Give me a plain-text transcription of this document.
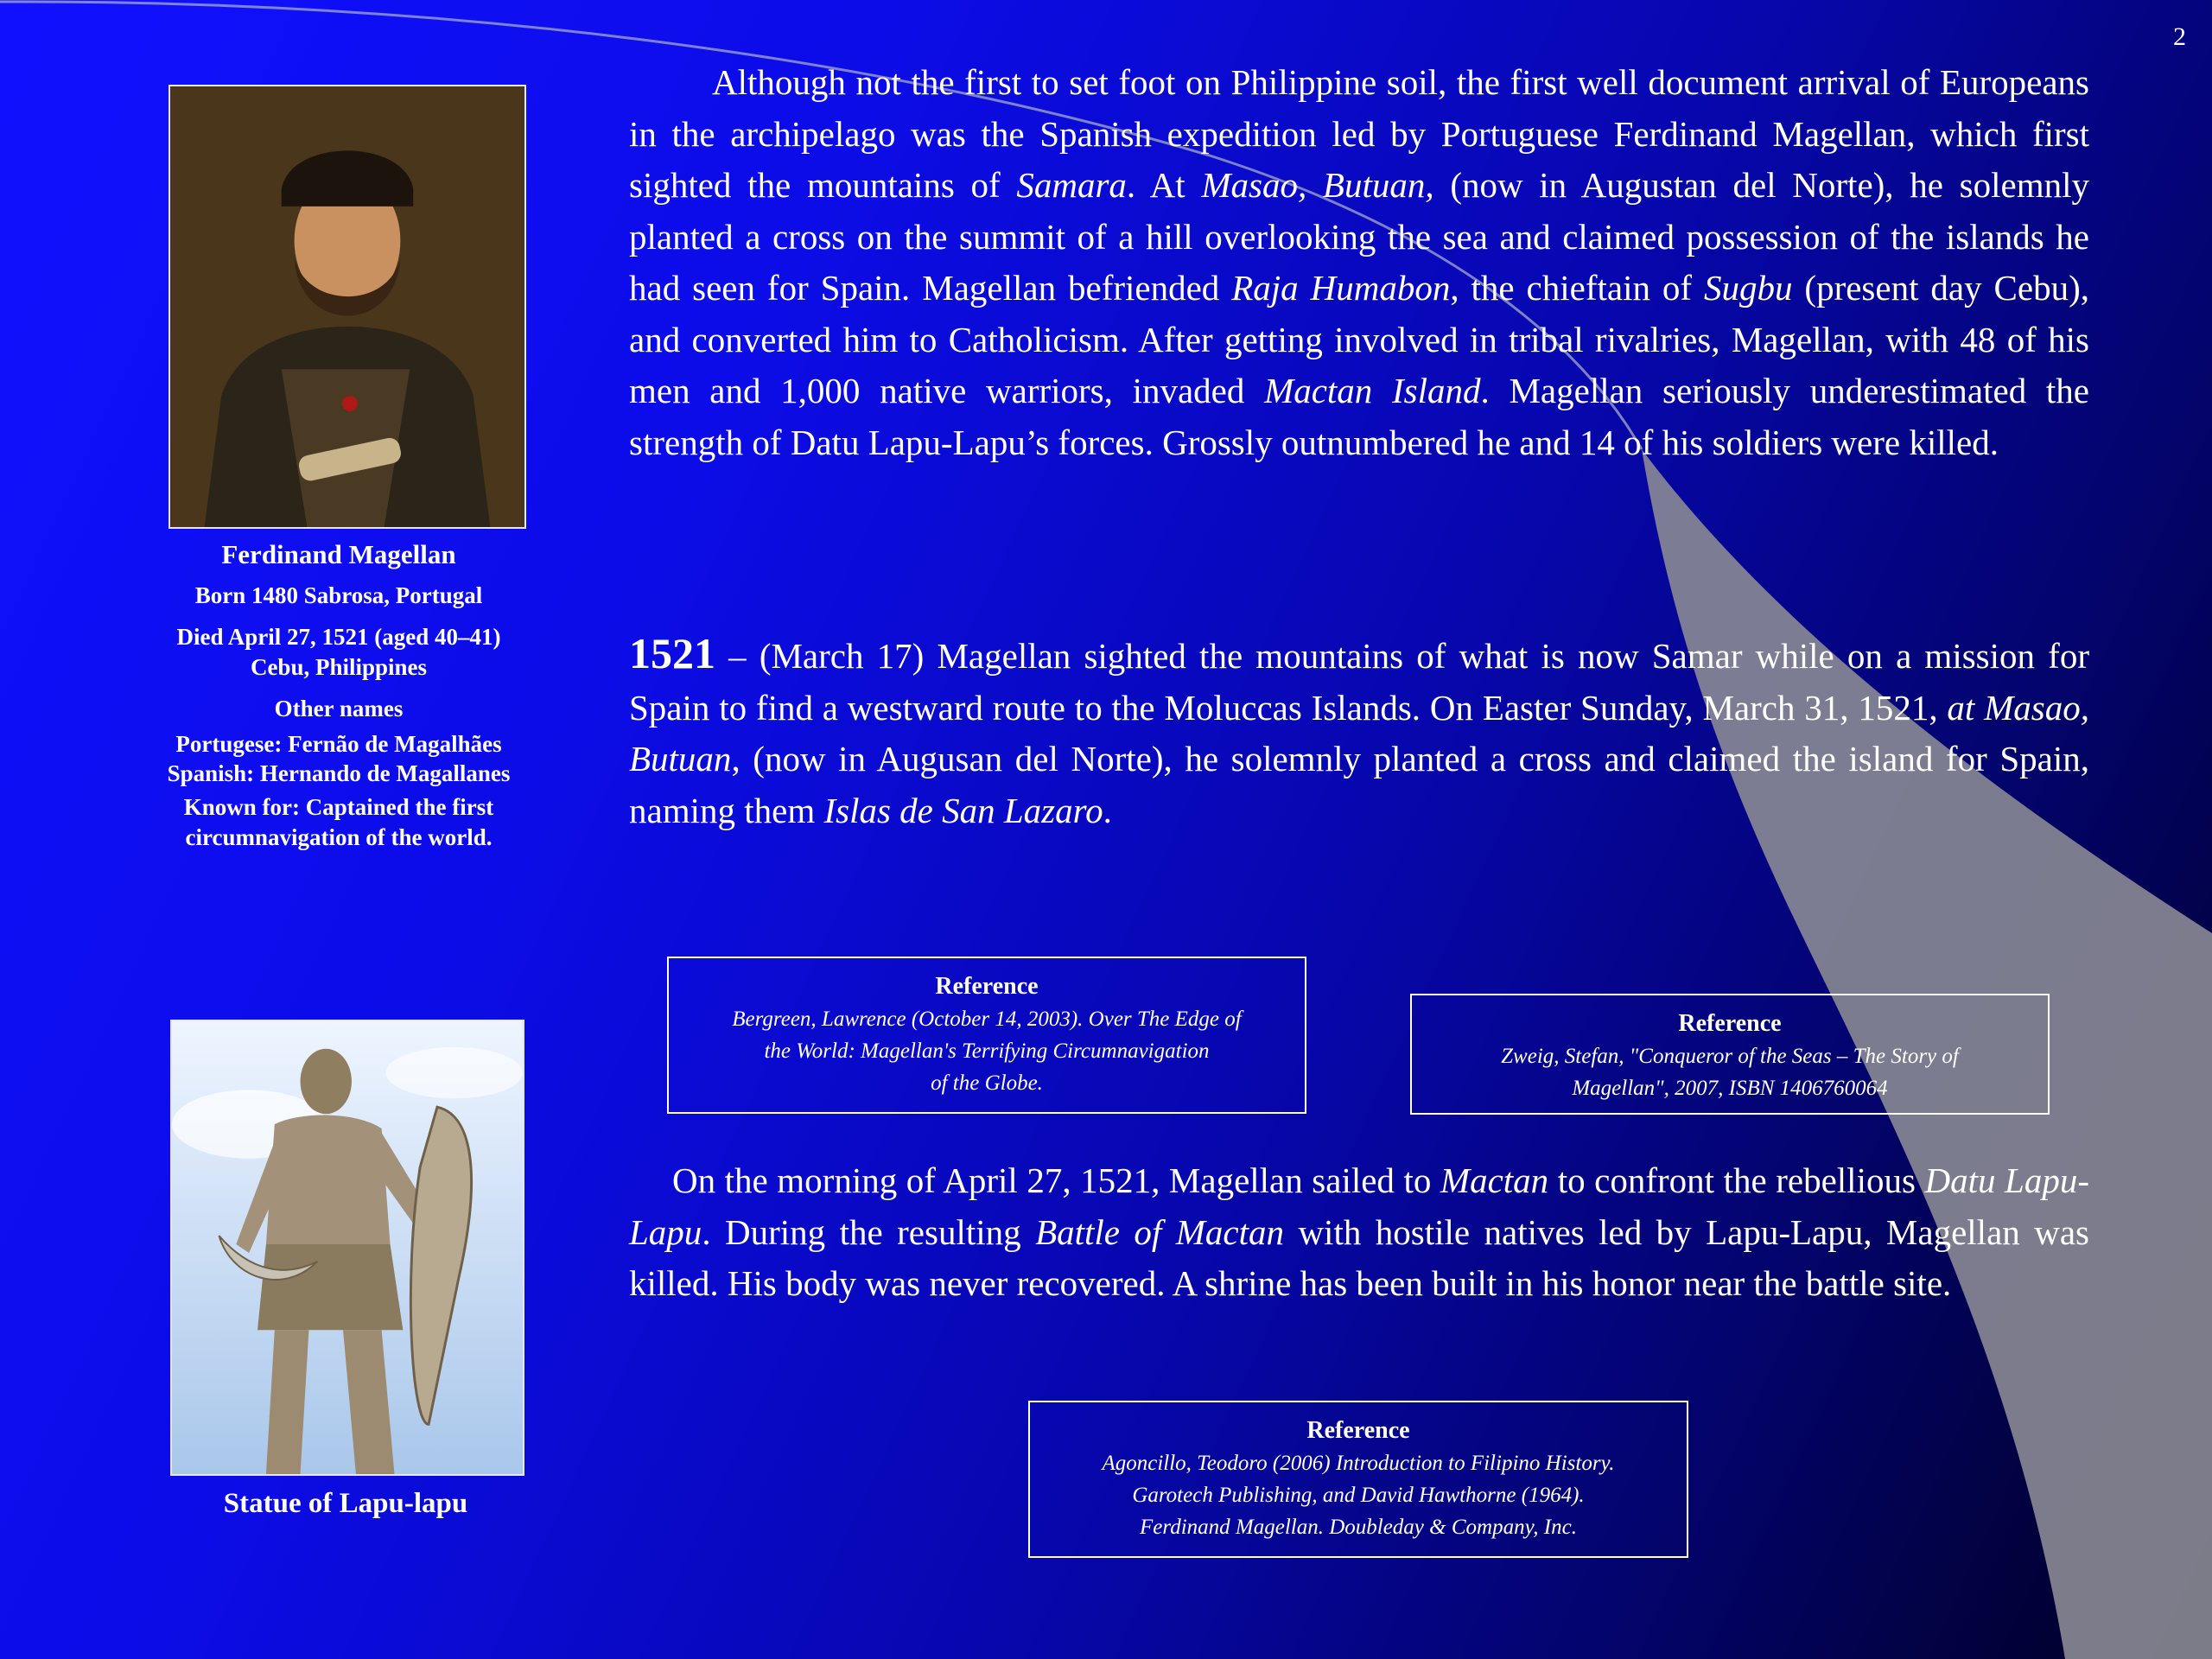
2
Ferdinand Magellan
Born 1480 Sabrosa, Portugal
Died April 27, 1521 (aged 40–41)
Cebu, Philippines
Other names
Portugese: Fernão de Magalhães
Spanish: Hernando de Magallanes
Known for: Captained the first
circumnavigation of the world.
Statue of Lapu-lapu
Although not the first to set foot on Philippine soil, the first well document arrival of Europeans in the archipelago was the Spanish expedition led by Portuguese Ferdinand Magellan, which first sighted the mountains of Samara. At Masao, Butuan, (now in Augustan del Norte), he solemnly planted a cross on the summit of a hill overlooking the sea and claimed possession of the islands he had seen for Spain. Magellan befriended Raja Humabon, the chieftain of Sugbu (present day Cebu), and converted him to Catholicism. After getting involved in tribal rivalries, Magellan, with 48 of his men and 1,000 native warriors, invaded Mactan Island. Magellan seriously underestimated the strength of Datu Lapu-Lapu’s forces. Grossly outnumbered he and 14 of his soldiers were killed.
1521 – (March 17) Magellan sighted the mountains of what is now Samar while on a mission for Spain to find a westward route to the Moluccas Islands. On Easter Sunday, March 31, 1521, at Masao, Butuan, (now in Augusan del Norte), he solemnly planted a cross and claimed the island for Spain, naming them Islas de San Lazaro.
Reference
Bergreen, Lawrence (October 14, 2003). Over The Edge of
the World: Magellan's Terrifying Circumnavigation
of the Globe.
Reference
Zweig, Stefan, "Conqueror of the Seas – The Story of
Magellan", 2007, ISBN 1406760064
On the morning of April 27, 1521, Magellan sailed to Mactan to confront the rebellious Datu Lapu-Lapu. During the resulting Battle of Mactan with hostile natives led by Lapu-Lapu, Magellan was killed. His body was never recovered. A shrine has been built in his honor near the battle site.
Reference
Agoncillo, Teodoro (2006) Introduction to Filipino History.
Garotech Publishing, and David Hawthorne (1964).
Ferdinand Magellan. Doubleday & Company, Inc.
